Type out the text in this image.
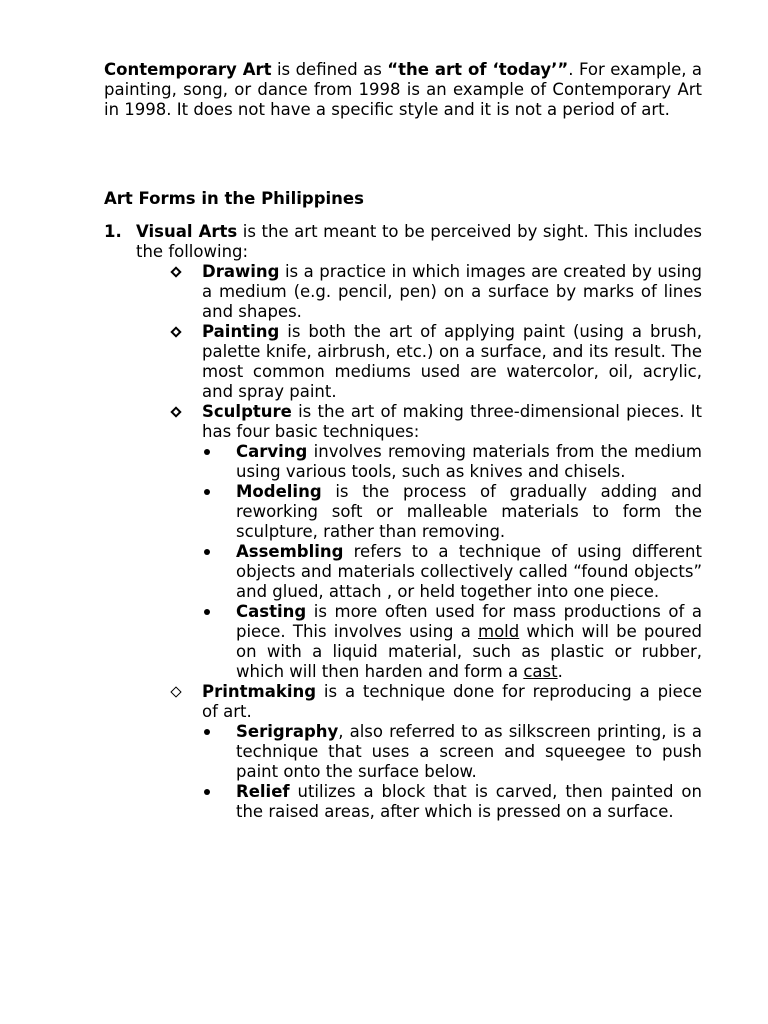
Contemporary Art is defined as “the art of ‘today’”. For example, a painting, song, or dance from 1998 is an example of Contemporary Art in 1998. It does not have a specific style and it is not a period of art.

Art Forms in the Philippines
1. Visual Arts is the art meant to be perceived by sight. This includes the following:
Drawing is a practice in which images are created by using a medium (e.g. pencil, pen) on a surface by marks of lines and shapes.
Painting is both the art of applying paint (using a brush, palette knife, airbrush, etc.) on a surface, and its result. The most common mediums used are watercolor, oil, acrylic, and spray paint.
Sculpture is the art of making three-dimensional pieces. It has four basic techniques:
Carving involves removing materials from the medium using various tools, such as knives and chisels.
Modeling is the process of gradually adding and reworking soft or malleable materials to form the sculpture, rather than removing.
Assembling refers to a technique of using different objects and materials collectively called “found objects” and glued, attach , or held together into one piece.
Casting is more often used for mass productions of a piece. This involves using a mold which will be poured on with a liquid material, such as plastic or rubber, which will then harden and form a cast.
Printmaking is a technique done for reproducing a piece of art.
Serigraphy, also referred to as silkscreen printing, is a technique that uses a screen and squeegee to push paint onto the surface below.
Relief utilizes a block that is carved, then painted on the raised areas, after which is pressed on a surface.
